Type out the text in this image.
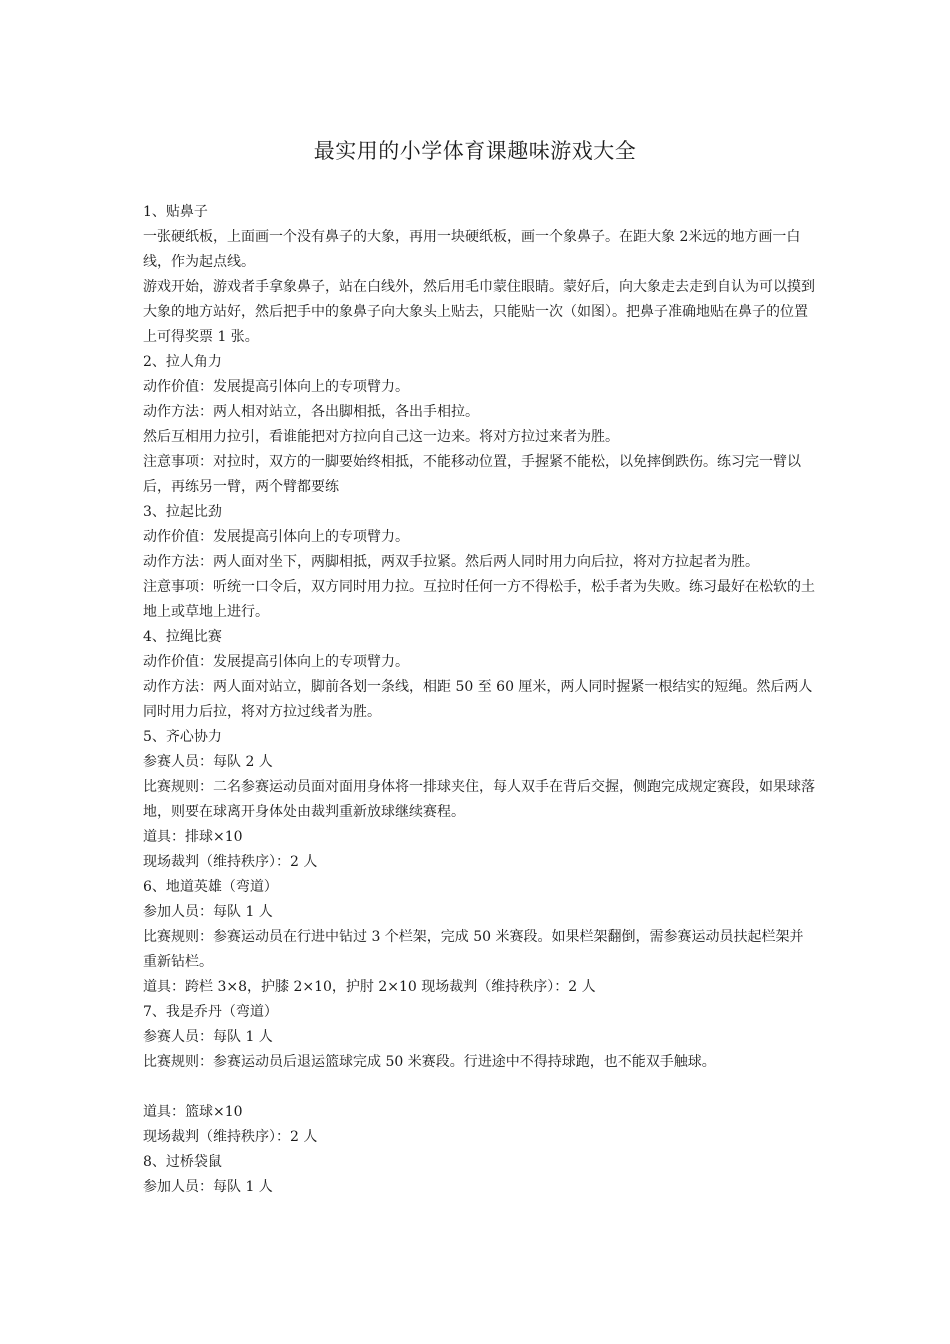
最实用的小学体育课趣味游戏大全

1、贴鼻子

一张硬纸板，上面画一个没有鼻子的大象，再用一块硬纸板，画一个象鼻子。在距大象 2米远的地方画一白线，作为起点线。

游戏开始，游戏者手拿象鼻子，站在白线外，然后用毛巾蒙住眼睛。蒙好后，向大象走去走到自认为可以摸到大象的地方站好，然后把手中的象鼻子向大象头上贴去，只能贴一次（如图）。把鼻子准确地贴在鼻子的位置上可得奖票 1 张。

2、拉人角力

动作价值：发展提高引体向上的专项臂力。

动作方法：两人相对站立，各出脚相抵，各出手相拉。

然后互相用力拉引，看谁能把对方拉向自己这一边来。将对方拉过来者为胜。

注意事项：对拉时，双方的一脚要始终相抵，不能移动位置，手握紧不能松，以免摔倒跌伤。练习完一臂以后，再练另一臂，两个臂都要练

3、拉起比劲

动作价值：发展提高引体向上的专项臂力。

动作方法：两人面对坐下，两脚相抵，两双手拉紧。然后两人同时用力向后拉，将对方拉起者为胜。

注意事项：听统一口令后，双方同时用力拉。互拉时任何一方不得松手，松手者为失败。练习最好在松软的土地上或草地上进行。

4、拉绳比赛

动作价值：发展提高引体向上的专项臂力。

动作方法：两人面对站立，脚前各划一条线，相距 50 至 60 厘米，两人同时握紧一根结实的短绳。然后两人同时用力后拉，将对方拉过线者为胜。

5、齐心协力

参赛人员：每队 2 人

比赛规则：二名参赛运动员面对面用身体将一排球夹住，每人双手在背后交握，侧跑完成规定赛段，如果球落地，则要在球离开身体处由裁判重新放球继续赛程。

道具：排球×10

现场裁判（维持秩序）：2 人

6、地道英雄（弯道）

参加人员：每队 1 人

比赛规则：参赛运动员在行进中钻过 3 个栏架，完成 50 米赛段。如果栏架翻倒，需参赛运动员扶起栏架并重新钻栏。

道具：跨栏 3×8，护膝 2×10，护肘 2×10 现场裁判（维持秩序）：2 人

7、我是乔丹（弯道）

参赛人员：每队 1 人

比赛规则：参赛运动员后退运篮球完成 50 米赛段。行进途中不得持球跑，也不能双手触球。

道具：篮球×10

现场裁判（维持秩序）：2 人

8、过桥袋鼠

参加人员：每队 1 人
